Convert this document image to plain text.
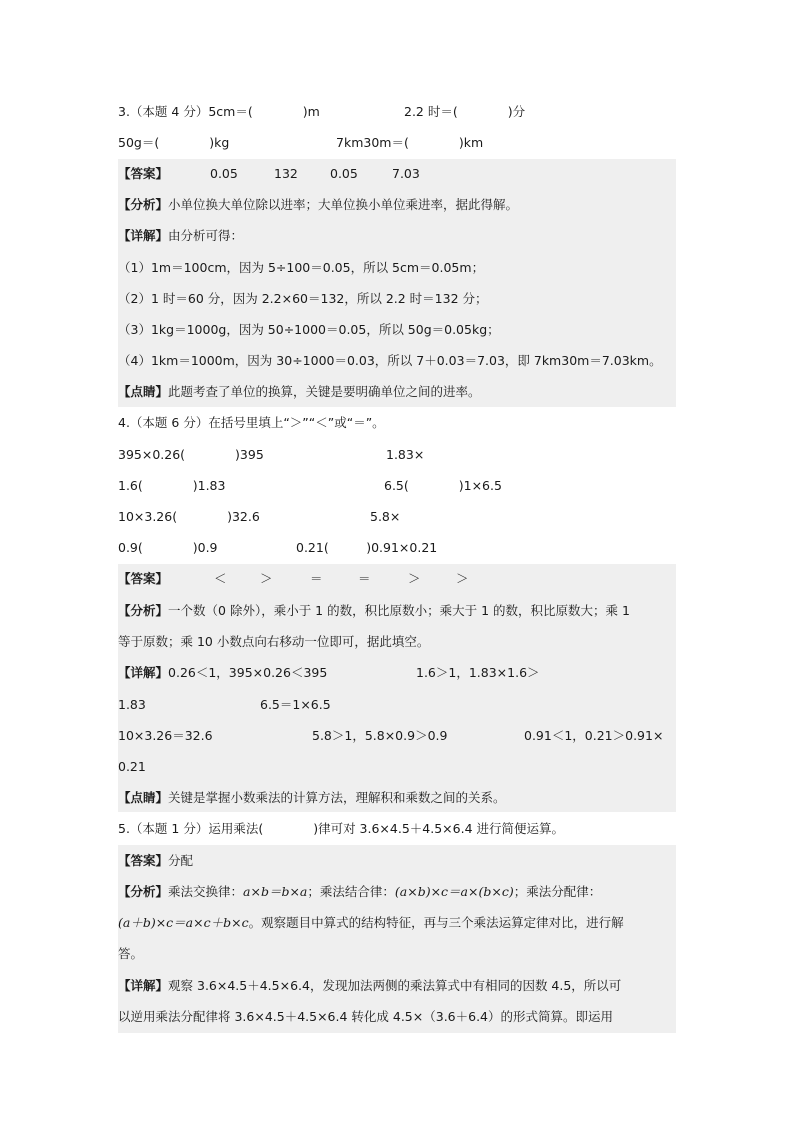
3.（本题 4 分）5cm＝(　　　　)m	2.2 时＝(　　　　)分
50g＝(　　　　)kg	7km30m＝(　　　　)km
【答案】	0.05	132	0.05	7.03
【分析】小单位换大单位除以进率；大单位换小单位乘进率，据此得解。
【详解】由分析可得：
（1）1m＝100cm，因为 5÷100＝0.05，所以 5cm＝0.05m；
（2）1 时＝60 分，因为 2.2×60＝132，所以 2.2 时＝132 分；
（3）1kg＝1000g，因为 50÷1000＝0.05，所以 50g＝0.05kg；
（4）1km＝1000m，因为 30÷1000＝0.03，所以 7＋0.03＝7.03，即 7km30m＝7.03km。
【点睛】此题考查了单位的换算，关键是要明确单位之间的进率。
4.（本题 6 分）在括号里填上“＞”“＜”或“＝”。
395×0.26(　　　　)395	1.83×
1.6(　　　　)1.83	6.5(　　　　)1×6.5
10×3.26(　　　　)32.6	5.8×
0.9(　　　　)0.9	0.21(　　　)0.91×0.21
【答案】	＜	＞	＝	＝	＞	＞
【分析】一个数（0 除外），乘小于 1 的数，积比原数小；乘大于 1 的数，积比原数大；乘 1
等于原数；乘 10 小数点向右移动一位即可，据此填空。
【详解】0.26＜1，395×0.26＜395	1.6＞1，1.83×1.6＞
1.83	6.5＝1×6.5
10×3.26＝32.6	5.8＞1，5.8×0.9＞0.9	0.91＜1，0.21＞0.91×
0.21
【点睛】关键是掌握小数乘法的计算方法，理解积和乘数之间的关系。
5.（本题 1 分）运用乘法(　　　　)律可对 3.6×4.5＋4.5×6.4 进行简便运算。
【答案】分配
【分析】乘法交换律：a×b＝b×a；乘法结合律：(a×b)×c＝a×(b×c)；乘法分配律：
(a＋b)×c＝a×c＋b×c。观察题目中算式的结构特征，再与三个乘法运算定律对比，进行解
答。
【详解】观察 3.6×4.5＋4.5×6.4，发现加法两侧的乘法算式中有相同的因数 4.5，所以可
以逆用乘法分配律将 3.6×4.5＋4.5×6.4 转化成 4.5×（3.6＋6.4）的形式简算。即运用
